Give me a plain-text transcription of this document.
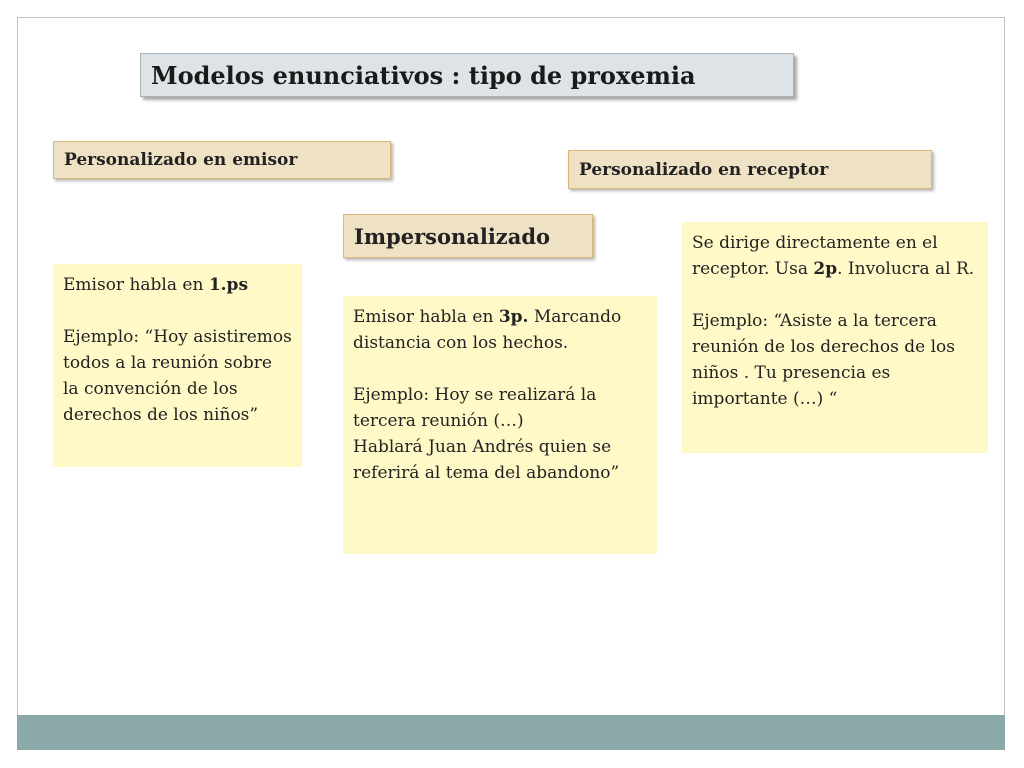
Modelos enunciativos : tipo de proxemia
Personalizado en emisor	Personalizado en receptor
Impersonalizado

Emisor habla en 1.ps

Ejemplo: “Hoy asistiremos todos a la reunión sobre la convención de los derechos de los niños”

Emisor habla en 3p. Marcando distancia con los hechos.

Ejemplo: Hoy se realizará la tercera reunión (…)
Hablará Juan Andrés quien se referirá al tema del abandono”

Se dirige directamente en el receptor. Usa 2p. Involucra al R.

Ejemplo: “Asiste a la tercera reunión de los derechos de los niños . Tu presencia es importante (…) “
